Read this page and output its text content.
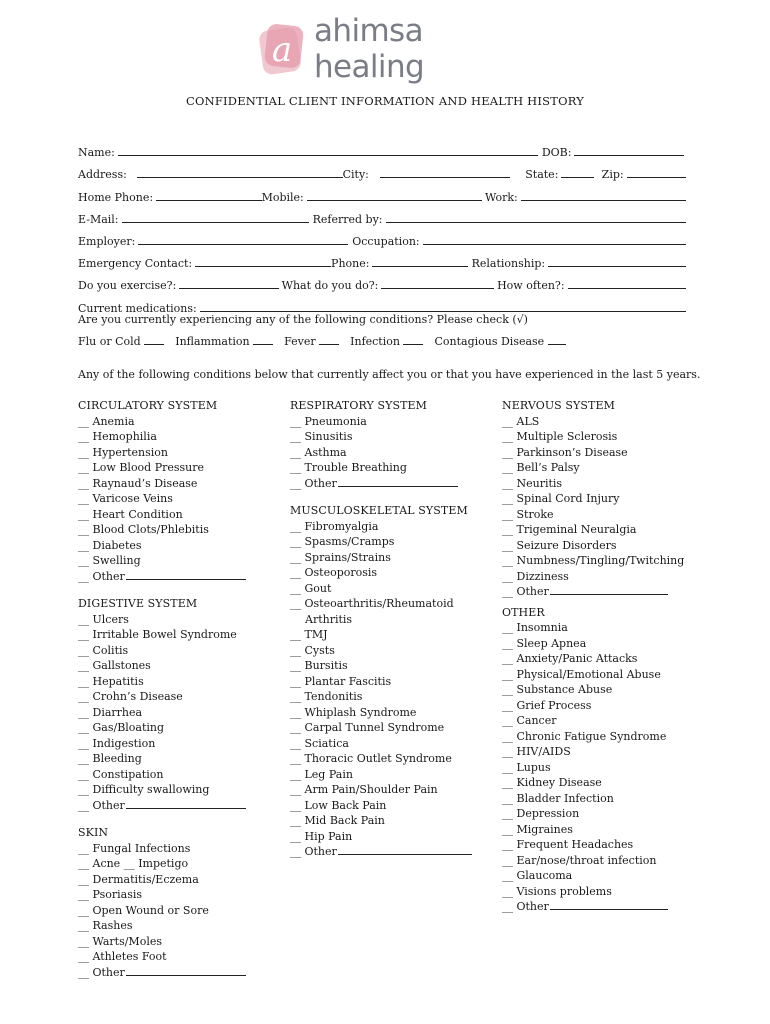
a ahimsa healing
CONFIDENTIAL CLIENT INFORMATION AND HEALTH HISTORY
Name:	DOB:
Address:	City:	State:	Zip:
Home Phone:	Mobile:	Work:
E-Mail:	Referred by:
Employer:	Occupation:
Emergency Contact:	Phone:	Relationship:
Do you exercise?:	What do you do?:	How often?:
Current medications:
Are you currently experiencing any of the following conditions? Please check (√)
Flu or Cold	Inflammation	Fever	Infection	Contagious Disease
Any of the following conditions below that currently affect you or that you have experienced in the last 5 years.
CIRCULATORY SYSTEM
__ Anemia
__ Hemophilia
__ Hypertension
__ Low Blood Pressure
__ Raynaud’s Disease
__ Varicose Veins
__ Heart Condition
__ Blood Clots/Phlebitis
__ Diabetes
__ Swelling
__ Other
DIGESTIVE SYSTEM
__ Ulcers
__ Irritable Bowel Syndrome
__ Colitis
__ Gallstones
__ Hepatitis
__ Crohn’s Disease
__ Diarrhea
__ Gas/Bloating
__ Indigestion
__ Bleeding
__ Constipation
__ Difficulty swallowing
__ Other
SKIN
__ Fungal Infections
__ Acne __ Impetigo
__ Dermatitis/Eczema
__ Psoriasis
__ Open Wound or Sore
__ Rashes
__ Warts/Moles
__ Athletes Foot
__ Other
RESPIRATORY SYSTEM
__ Pneumonia
__ Sinusitis
__ Asthma
__ Trouble Breathing
__ Other
MUSCULOSKELETAL SYSTEM
__ Fibromyalgia
__ Spasms/Cramps
__ Sprains/Strains
__ Osteoporosis
__ Gout
__ Osteoarthritis/Rheumatoid
Arthritis
__ TMJ
__ Cysts
__ Bursitis
__ Plantar Fascitis
__ Tendonitis
__ Whiplash Syndrome
__ Carpal Tunnel Syndrome
__ Sciatica
__ Thoracic Outlet Syndrome
__ Leg Pain
__ Arm Pain/Shoulder Pain
__ Low Back Pain
__ Mid Back Pain
__ Hip Pain
__ Other
NERVOUS SYSTEM
__ ALS
__ Multiple Sclerosis
__ Parkinson’s Disease
__ Bell’s Palsy
__ Neuritis
__ Spinal Cord Injury
__ Stroke
__ Trigeminal Neuralgia
__ Seizure Disorders
__ Numbness/Tingling/Twitching
__ Dizziness
__ Other
OTHER
__ Insomnia
__ Sleep Apnea
__ Anxiety/Panic Attacks
__ Physical/Emotional Abuse
__ Substance Abuse
__ Grief Process
__ Cancer
__ Chronic Fatigue Syndrome
__ HIV/AIDS
__ Lupus
__ Kidney Disease
__ Bladder Infection
__ Depression
__ Migraines
__ Frequent Headaches
__ Ear/nose/throat infection
__ Glaucoma
__ Visions problems
__ Other
